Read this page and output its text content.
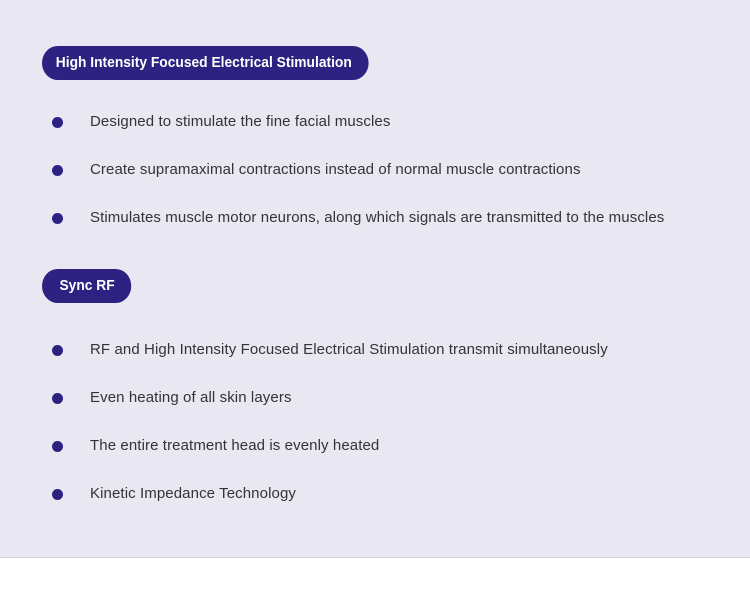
High Intensity Focused Electrical Stimulation
Designed to stimulate the fine facial muscles
Create supramaximal contractions instead of normal muscle contractions
Stimulates muscle motor neurons, along which signals are transmitted to the muscles
Sync RF
RF and High Intensity Focused Electrical Stimulation transmit simultaneously
Even heating of all skin layers
The entire treatment head is evenly heated
Kinetic Impedance Technology
